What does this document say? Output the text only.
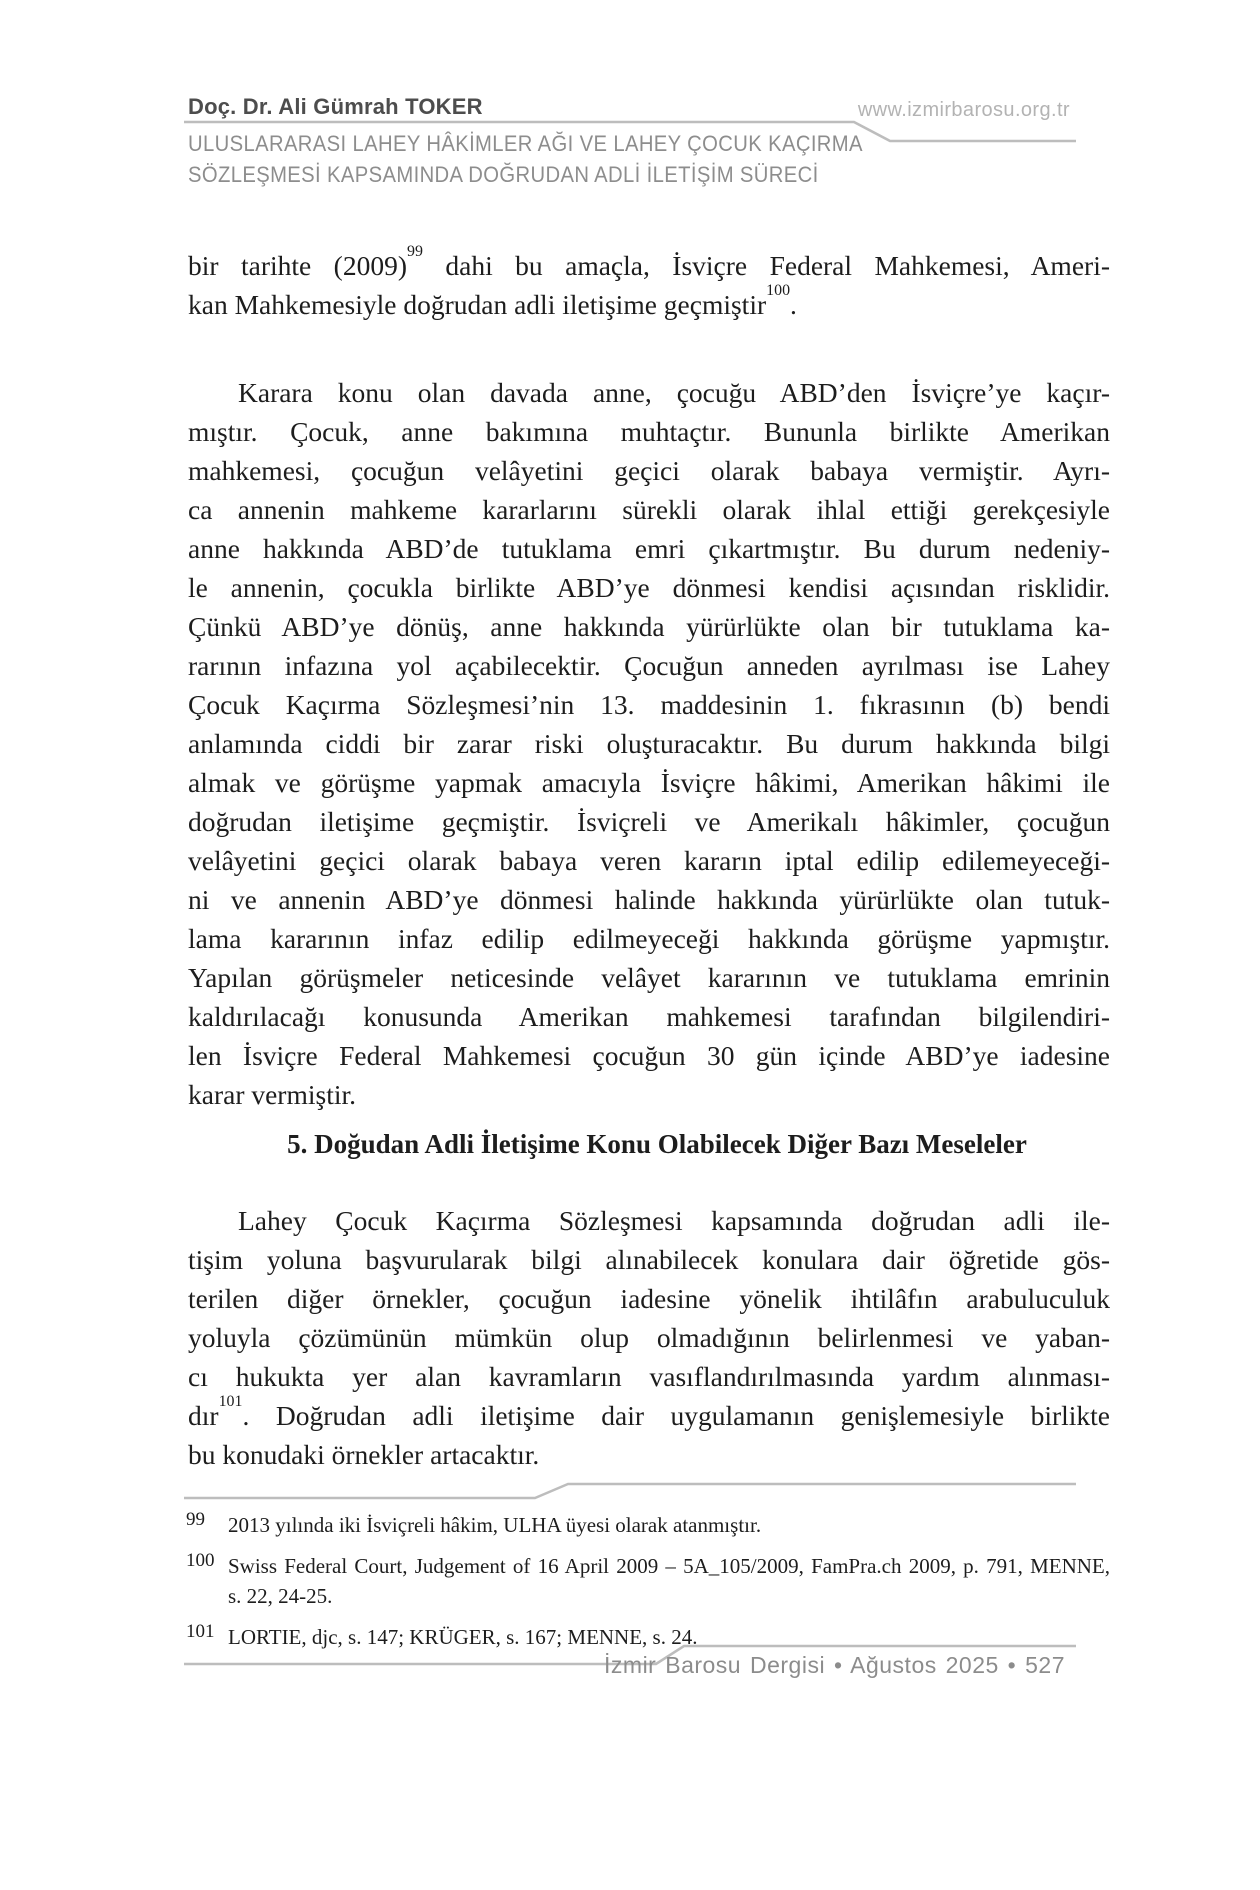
Doç. Dr. Ali Gümrah TOKER	www.izmirbarosu.org.tr
ULUSLARARASI LAHEY HÂKİMLER AĞI VE LAHEY ÇOCUK KAÇIRMA
SÖZLEŞMESİ KAPSAMINDA DOĞRUDAN ADLİ İLETİŞİM SÜRECİ
bir tarihte $(2009)^{99}$ dahi bu amaçla, İsviçre Federal Mahkemesi, Ameri-
kan Mahkemesiyle doğrudan adli iletişime geçmiştir$^{100}$.
Karara konu olan davada anne, çocuğu ABD’den İsviçre’ye kaçır-
mıştır. Çocuk, anne bakımına muhtaçtır. Bununla birlikte Amerikan
mahkemesi, çocuğun velâyetini geçici olarak babaya vermiştir. Ayrı-
ca annenin mahkeme kararlarını sürekli olarak ihlal ettiği gerekçesiyle
anne hakkında ABD’de tutuklama emri çıkartmıştır. Bu durum nedeniy-
le annenin, çocukla birlikte ABD’ye dönmesi kendisi açısından risklidir.
Çünkü ABD’ye dönüş, anne hakkında yürürlükte olan bir tutuklama ka-
rarının infazına yol açabilecektir. Çocuğun anneden ayrılması ise Lahey
Çocuk Kaçırma Sözleşmesi’nin 13. maddesinin 1. fıkrasının (b) bendi
anlamında ciddi bir zarar riski oluşturacaktır. Bu durum hakkında bilgi
almak ve görüşme yapmak amacıyla İsviçre hâkimi, Amerikan hâkimi ile
doğrudan iletişime geçmiştir. İsviçreli ve Amerikalı hâkimler, çocuğun
velâyetini geçici olarak babaya veren kararın iptal edilip edilemeyeceği-
ni ve annenin ABD’ye dönmesi halinde hakkında yürürlükte olan tutuk-
lama kararının infaz edilip edilmeyeceği hakkında görüşme yapmıştır.
Yapılan görüşmeler neticesinde velâyet kararının ve tutuklama emrinin
kaldırılacağı konusunda Amerikan mahkemesi tarafından bilgilendiri-
len İsviçre Federal Mahkemesi çocuğun 30 gün içinde ABD’ye iadesine
karar vermiştir.
5. Doğudan Adli İletişime Konu Olabilecek Diğer Bazı Meseleler
Lahey Çocuk Kaçırma Sözleşmesi kapsamında doğrudan adli ile-
tişim yoluna başvurularak bilgi alınabilecek konulara dair öğretide gös-
terilen diğer örnekler, çocuğun iadesine yönelik ihtilâfın arabuluculuk
yoluyla çözümünün mümkün olup olmadığının belirlenmesi ve yaban-
cı hukukta yer alan kavramların vasıflandırılmasında yardım alınması-
dır$^{101}$. Doğrudan adli iletişime dair uygulamanın genişlemesiyle birlikte
bu konudaki örnekler artacaktır.
99 2013 yılında iki İsviçreli hâkim, ULHA üyesi olarak atanmıştır.
100 Swiss Federal Court, Judgement of 16 April 2009 – 5A_105/2009, FamPra.ch 2009, p. 791, MENNE,
s. 22, 24-25.
101 LORTIE, djc, s. 147; KRÜGER, s. 167; MENNE, s. 24.
İzmir Barosu Dergisi • Ağustos 2025 • 527
